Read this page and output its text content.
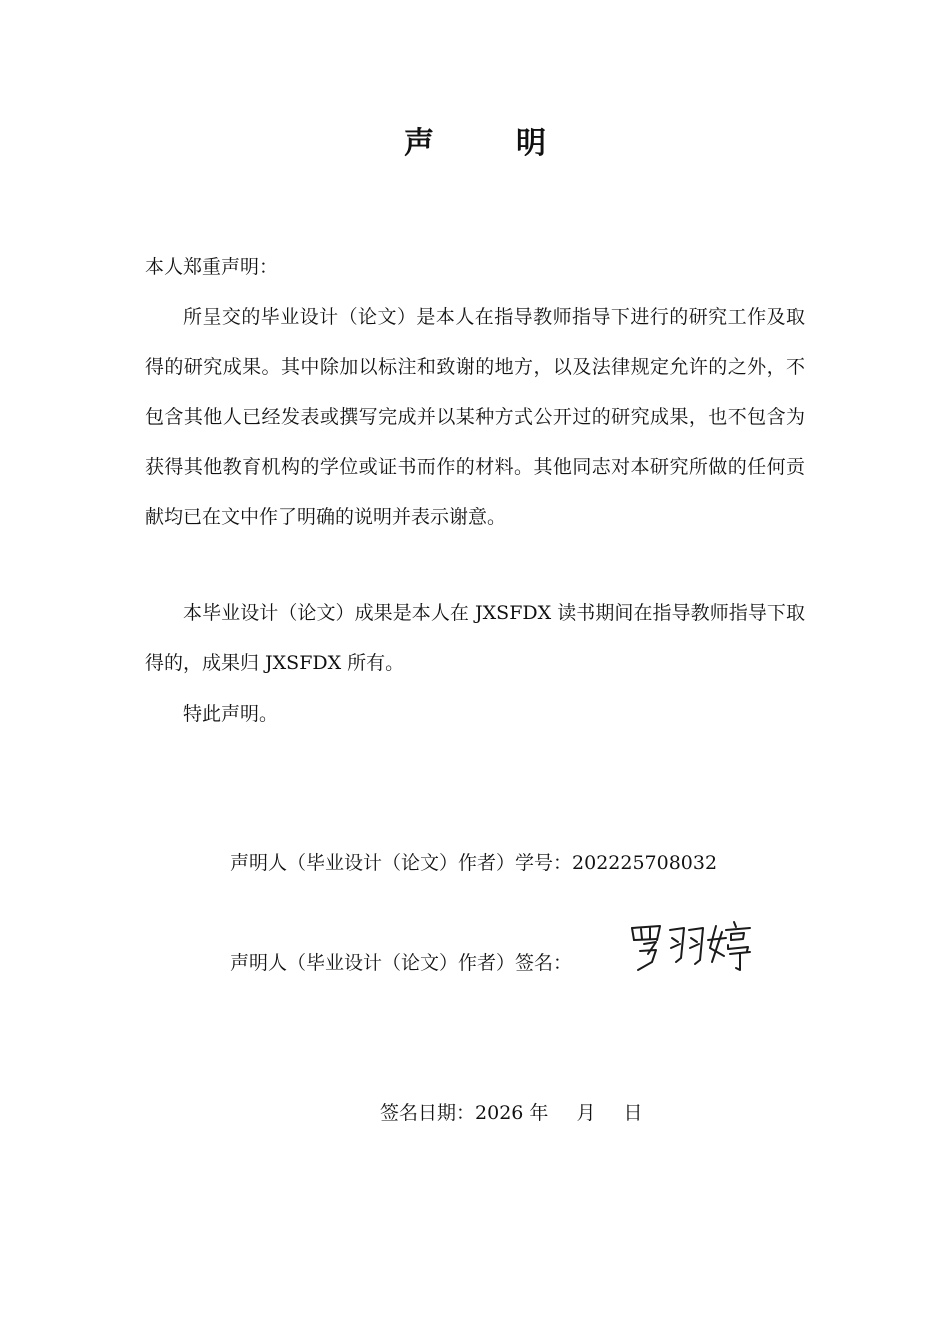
声	明
本人郑重声明：
所呈交的毕业设计（论文）是本人在指导教师指导下进行的研究工作及取得的研究成果。其中除加以标注和致谢的地方，以及法律规定允许的之外，不包含其他人已经发表或撰写完成并以某种方式公开过的研究成果，也不包含为获得其他教育机构的学位或证书而作的材料。其他同志对本研究所做的任何贡献均已在文中作了明确的说明并表示谢意。
本毕业设计（论文）成果是本人在 JXSFDX 读书期间在指导教师指导下取得的，成果归 JXSFDX 所有。
特此声明。
声明人（毕业设计（论文）作者）学号：202225708032
声明人（毕业设计（论文）作者）签名：
签名日期：2026 年 月 日
